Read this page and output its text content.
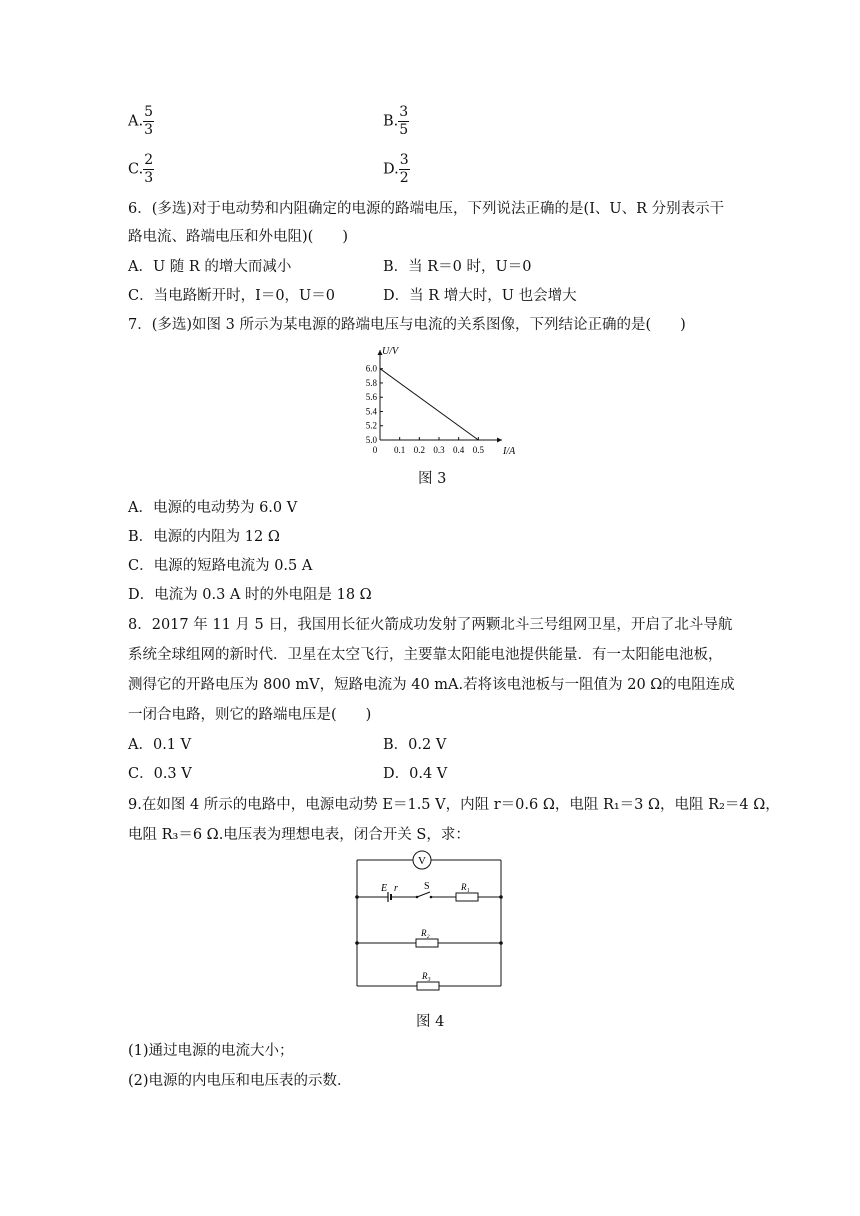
A. $\frac{5}{3}$	B. $\frac{3}{5}$
C. $\frac{2}{3}$	D. $\frac{3}{2}$
6．(多选)对于电动势和内阻确定的电源的路端电压，下列说法正确的是(I、U、R 分别表示干
路电流、路端电压和外电阻)(　　)
A．U 随 R 的增大而减小	B．当 R＝0 时，U＝0
C．当电路断开时，I＝0，U＝0	D．当 R 增大时，U 也会增大
7．(多选)如图 3 所示为某电源的路端电压与电流的关系图像，下列结论正确的是(　　)
U/V
I/A
0 0.1 0.2 0.3 0.4 0.5
5.0
5.2
5.4
5.6
5.8
6.0
图 3
A．电源的电动势为 6.0 V
B．电源的内阻为 12 Ω
C．电源的短路电流为 0.5 A
D．电流为 0.3 A 时的外电阻是 18 Ω
8．2017 年 11 月 5 日，我国用长征火箭成功发射了两颗北斗三号组网卫星，开启了北斗导航
系统全球组网的新时代．卫星在太空飞行，主要靠太阳能电池提供能量．有一太阳能电池板，
测得它的开路电压为 800 mV，短路电流为 40 mA.若将该电池板与一阻值为 20 Ω的电阻连成
一闭合电路，则它的路端电压是(　　)
A．0.1 V	B．0.2 V
C．0.3 V	D．0.4 V
9.在如图 4 所示的电路中，电源电动势 E＝1.5 V，内阻 r＝0.6 Ω，电阻 R₁＝3 Ω，电阻 R₂＝4 Ω，
电阻 R₃＝6 Ω.电压表为理想电表，闭合开关 S，求：
V
E r	S	R₁
R₂
R₃
图 4
(1)通过电源的电流大小；
(2)电源的内电压和电压表的示数．
